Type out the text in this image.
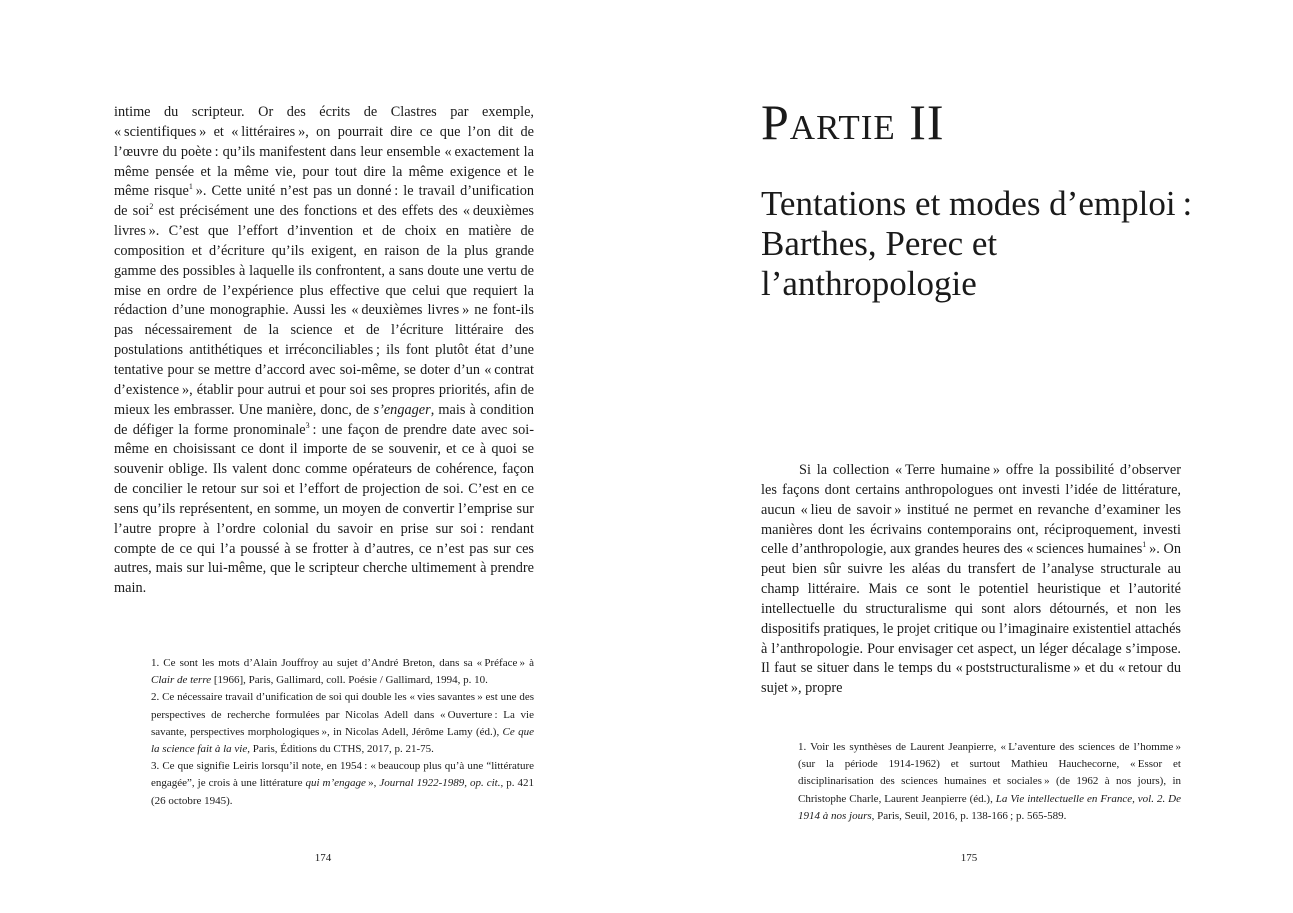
intime du scripteur. Or des écrits de Clastres par exemple, « scientifiques » et « littéraires », on pourrait dire ce que l’on dit de l’œuvre du poète : qu’ils manifestent dans leur ensemble « exactement la même pensée et la même vie, pour tout dire la même exigence et le même risque$^1$ ». Cette unité n’est pas un donné : le travail d’unification de soi$^2$ est précisément une des fonctions et des effets des « deuxièmes livres ». C’est que l’effort d’invention et de choix en matière de composition et d’écriture qu’ils exigent, en raison de la plus grande gamme des possibles à laquelle ils confrontent, a sans doute une vertu de mise en ordre de l’expérience plus effective que celui que requiert la rédaction d’une monographie. Aussi les « deuxièmes livres » ne font-ils pas nécessairement de la science et de l’écriture littéraire des postulations antithétiques et irréconciliables ; ils font plutôt état d’une tentative pour se mettre d’accord avec soi-même, se doter d’un « contrat d’existence », établir pour autrui et pour soi ses propres priorités, afin de mieux les embrasser. Une manière, donc, de s’engager, mais à condition de défiger la forme pronominale$^3$ : une façon de prendre date avec soi-même en choisissant ce dont il importe de se souvenir, et ce à quoi se souvenir oblige. Ils valent donc comme opérateurs de cohérence, façon de concilier le retour sur soi et l’effort de projection de soi. C’est en ce sens qu’ils représentent, en somme, un moyen de convertir l’emprise sur l’autre propre à l’ordre colonial du savoir en prise sur soi : rendant compte de ce qui l’a poussé à se frotter à d’autres, ce n’est pas sur ces autres, mais sur lui-même, que le scripteur cherche ultimement à prendre main.

1. Ce sont les mots d’Alain Jouffroy au sujet d’André Breton, dans sa « Préface » à Clair de terre [1966], Paris, Gallimard, coll. Poésie / Gallimard, 1994, p. 10.

2. Ce nécessaire travail d’unification de soi qui double les « vies savantes » est une des perspectives de recherche formulées par Nicolas Adell dans « Ouverture : La vie savante, perspectives morphologiques », in Nicolas Adell, Jérôme Lamy (éd.), Ce que la science fait à la vie, Paris, Éditions du CTHS, 2017, p. 21-75.

3. Ce que signifie Leiris lorsqu’il note, en 1954 : « beaucoup plus qu’à une “littérature engagée”, je crois à une littérature qui m’engage », Journal 1922-1989, op. cit., p. 421 (26 octobre 1945).

174
Partie II
Tentations et modes d’emploi : Barthes, Perec et l’anthropologie

Si la collection « Terre humaine » offre la possibilité d’observer les façons dont certains anthropologues ont investi l’idée de littérature, aucun « lieu de savoir » institué ne permet en revanche d’examiner les manières dont les écrivains contemporains ont, réciproquement, investi celle d’anthropologie, aux grandes heures des « sciences humaines$^1$ ». On peut bien sûr suivre les aléas du transfert de l’analyse structurale au champ littéraire. Mais ce sont le potentiel heuristique et l’autorité intellectuelle du structuralisme qui sont alors détournés, et non les dispositifs pratiques, le projet critique ou l’imaginaire existentiel attachés à l’anthropologie. Pour envisager cet aspect, un léger décalage s’impose. Il faut se situer dans le temps du « poststructuralisme » et du « retour du sujet », propre

1. Voir les synthèses de Laurent Jeanpierre, « L’aventure des sciences de l’homme » (sur la période 1914-1962) et surtout Mathieu Hauchecorne, « Essor et disciplinarisation des sciences humaines et sociales » (de 1962 à nos jours), in Christophe Charle, Laurent Jeanpierre (éd.), La Vie intellectuelle en France, vol. 2. De 1914 à nos jours, Paris, Seuil, 2016, p. 138-166 ; p. 565-589.

175
